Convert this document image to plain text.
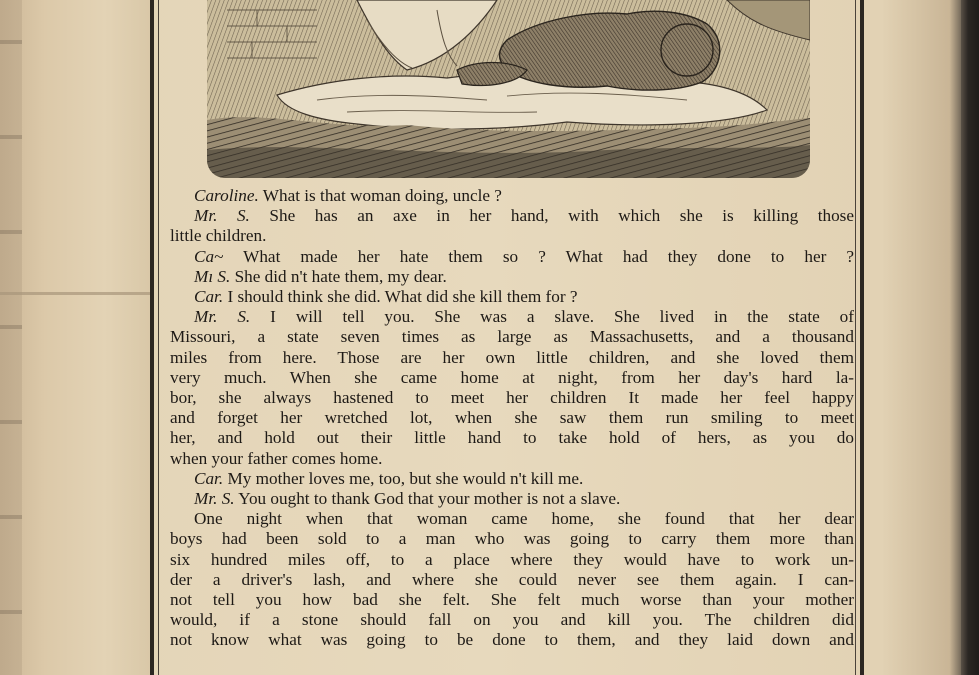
Caroline. What is that woman doing, uncle ?
Mr. S. She has an axe in her hand, with which she is killing those
little children.
Ca~ What made her hate them so ? What had they done to her ?
Mı S. She did n't hate them, my dear.
Car. I should think she did. What did she kill them for ?
Mr. S. I will tell you. She was a slave. She lived in the state of
Missouri, a state seven times as large as Massachusetts, and a thousand
miles from here. Those are her own little children, and she loved them
very much. When she came home at night, from her day's hard la-
bor, she always hastened to meet her children It made her feel happy
and forget her wretched lot, when she saw them run smiling to meet
her, and hold out their little hand to take hold of hers, as you do
when your father comes home.
Car. My mother loves me, too, but she would n't kill me.
Mr. S. You ought to thank God that your mother is not a slave.
One night when that woman came home, she found that her dear
boys had been sold to a man who was going to carry them more than
six hundred miles off, to a place where they would have to work un-
der a driver's lash, and where she could never see them again. I can-
not tell you how bad she felt. She felt much worse than your mother
would, if a stone should fall on you and kill you. The children did
not know what was going to be done to them, and they laid down and
